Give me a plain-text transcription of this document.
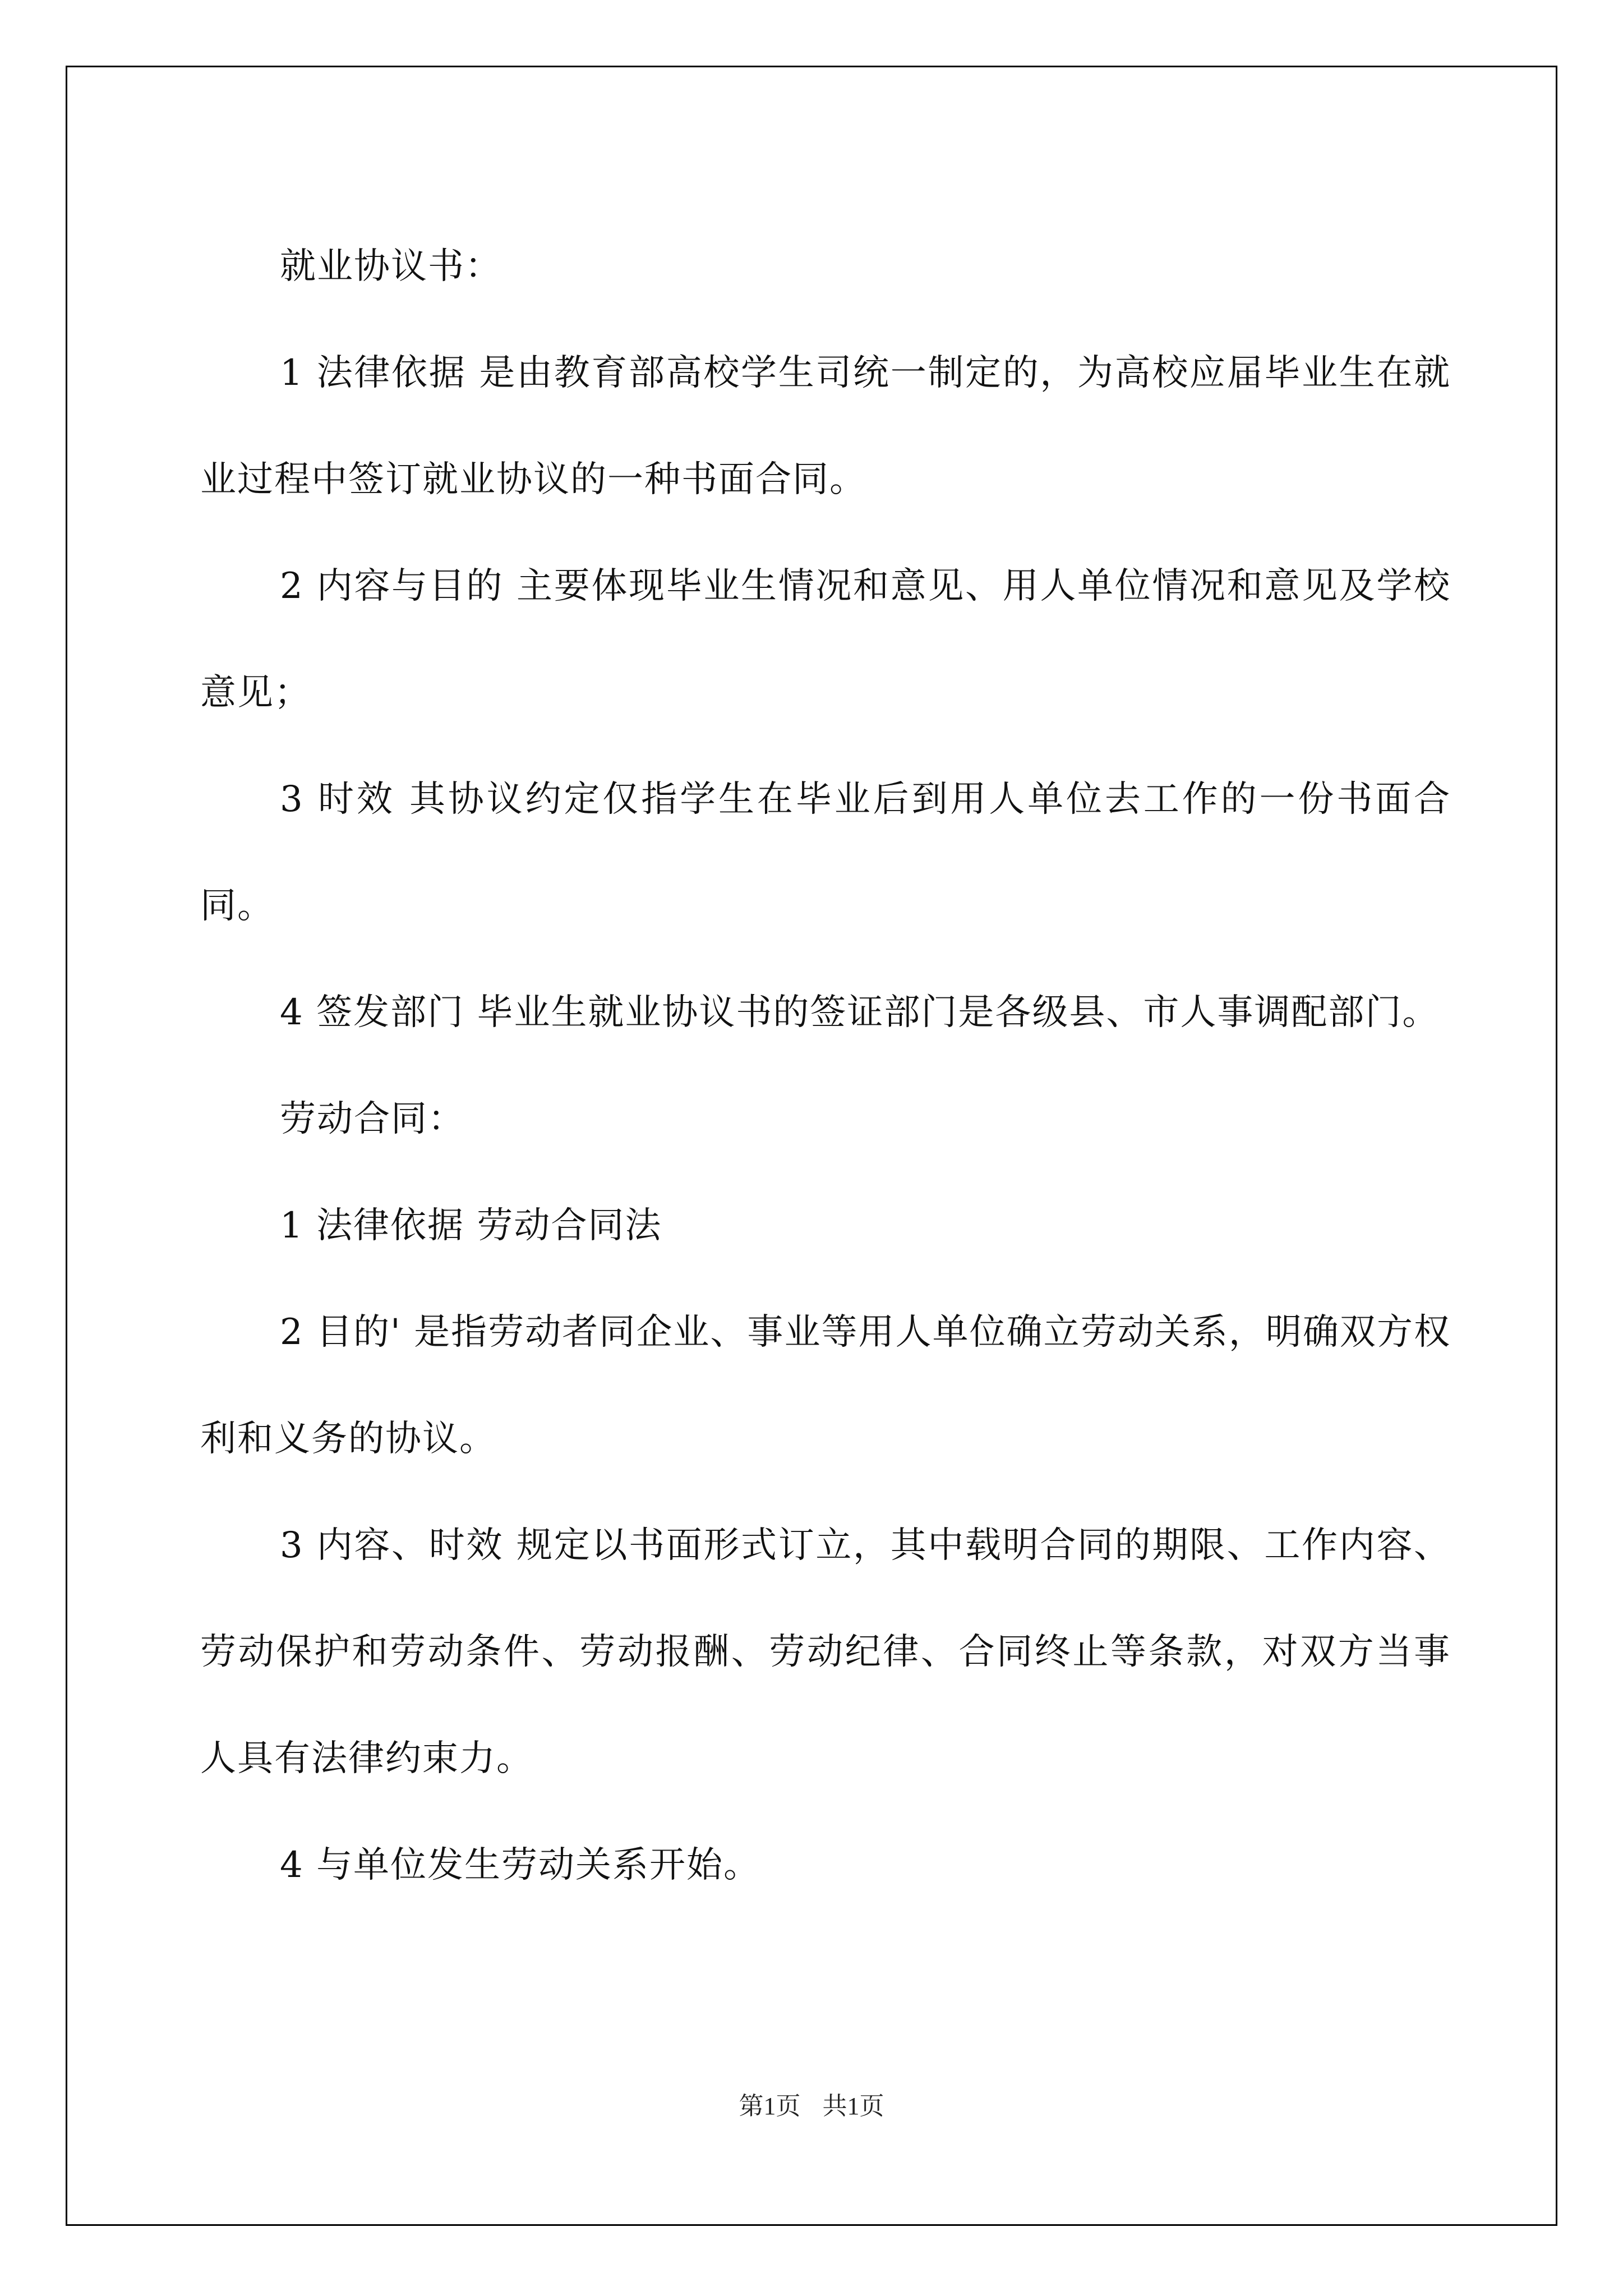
就业协议书：

1 法律依据 是由教育部高校学生司统一制定的，为高校应届毕业生在就业过程中签订就业协议的一种书面合同。

2 内容与目的 主要体现毕业生情况和意见、用人单位情况和意见及学校意见；

3 时效 其协议约定仅指学生在毕业后到用人单位去工作的一份书面合同。

4 签发部门 毕业生就业协议书的签证部门是各级县、市人事调配部门。

劳动合同：

1 法律依据 劳动合同法

2 目的' 是指劳动者同企业、事业等用人单位确立劳动关系，明确双方权利和义务的协议。

3 内容、时效 规定以书面形式订立，其中载明合同的期限、工作内容、劳动保护和劳动条件、劳动报酬、劳动纪律、合同终止等条款，对双方当事人具有法律约束力。

4 与单位发生劳动关系开始。

第1页 共1页
